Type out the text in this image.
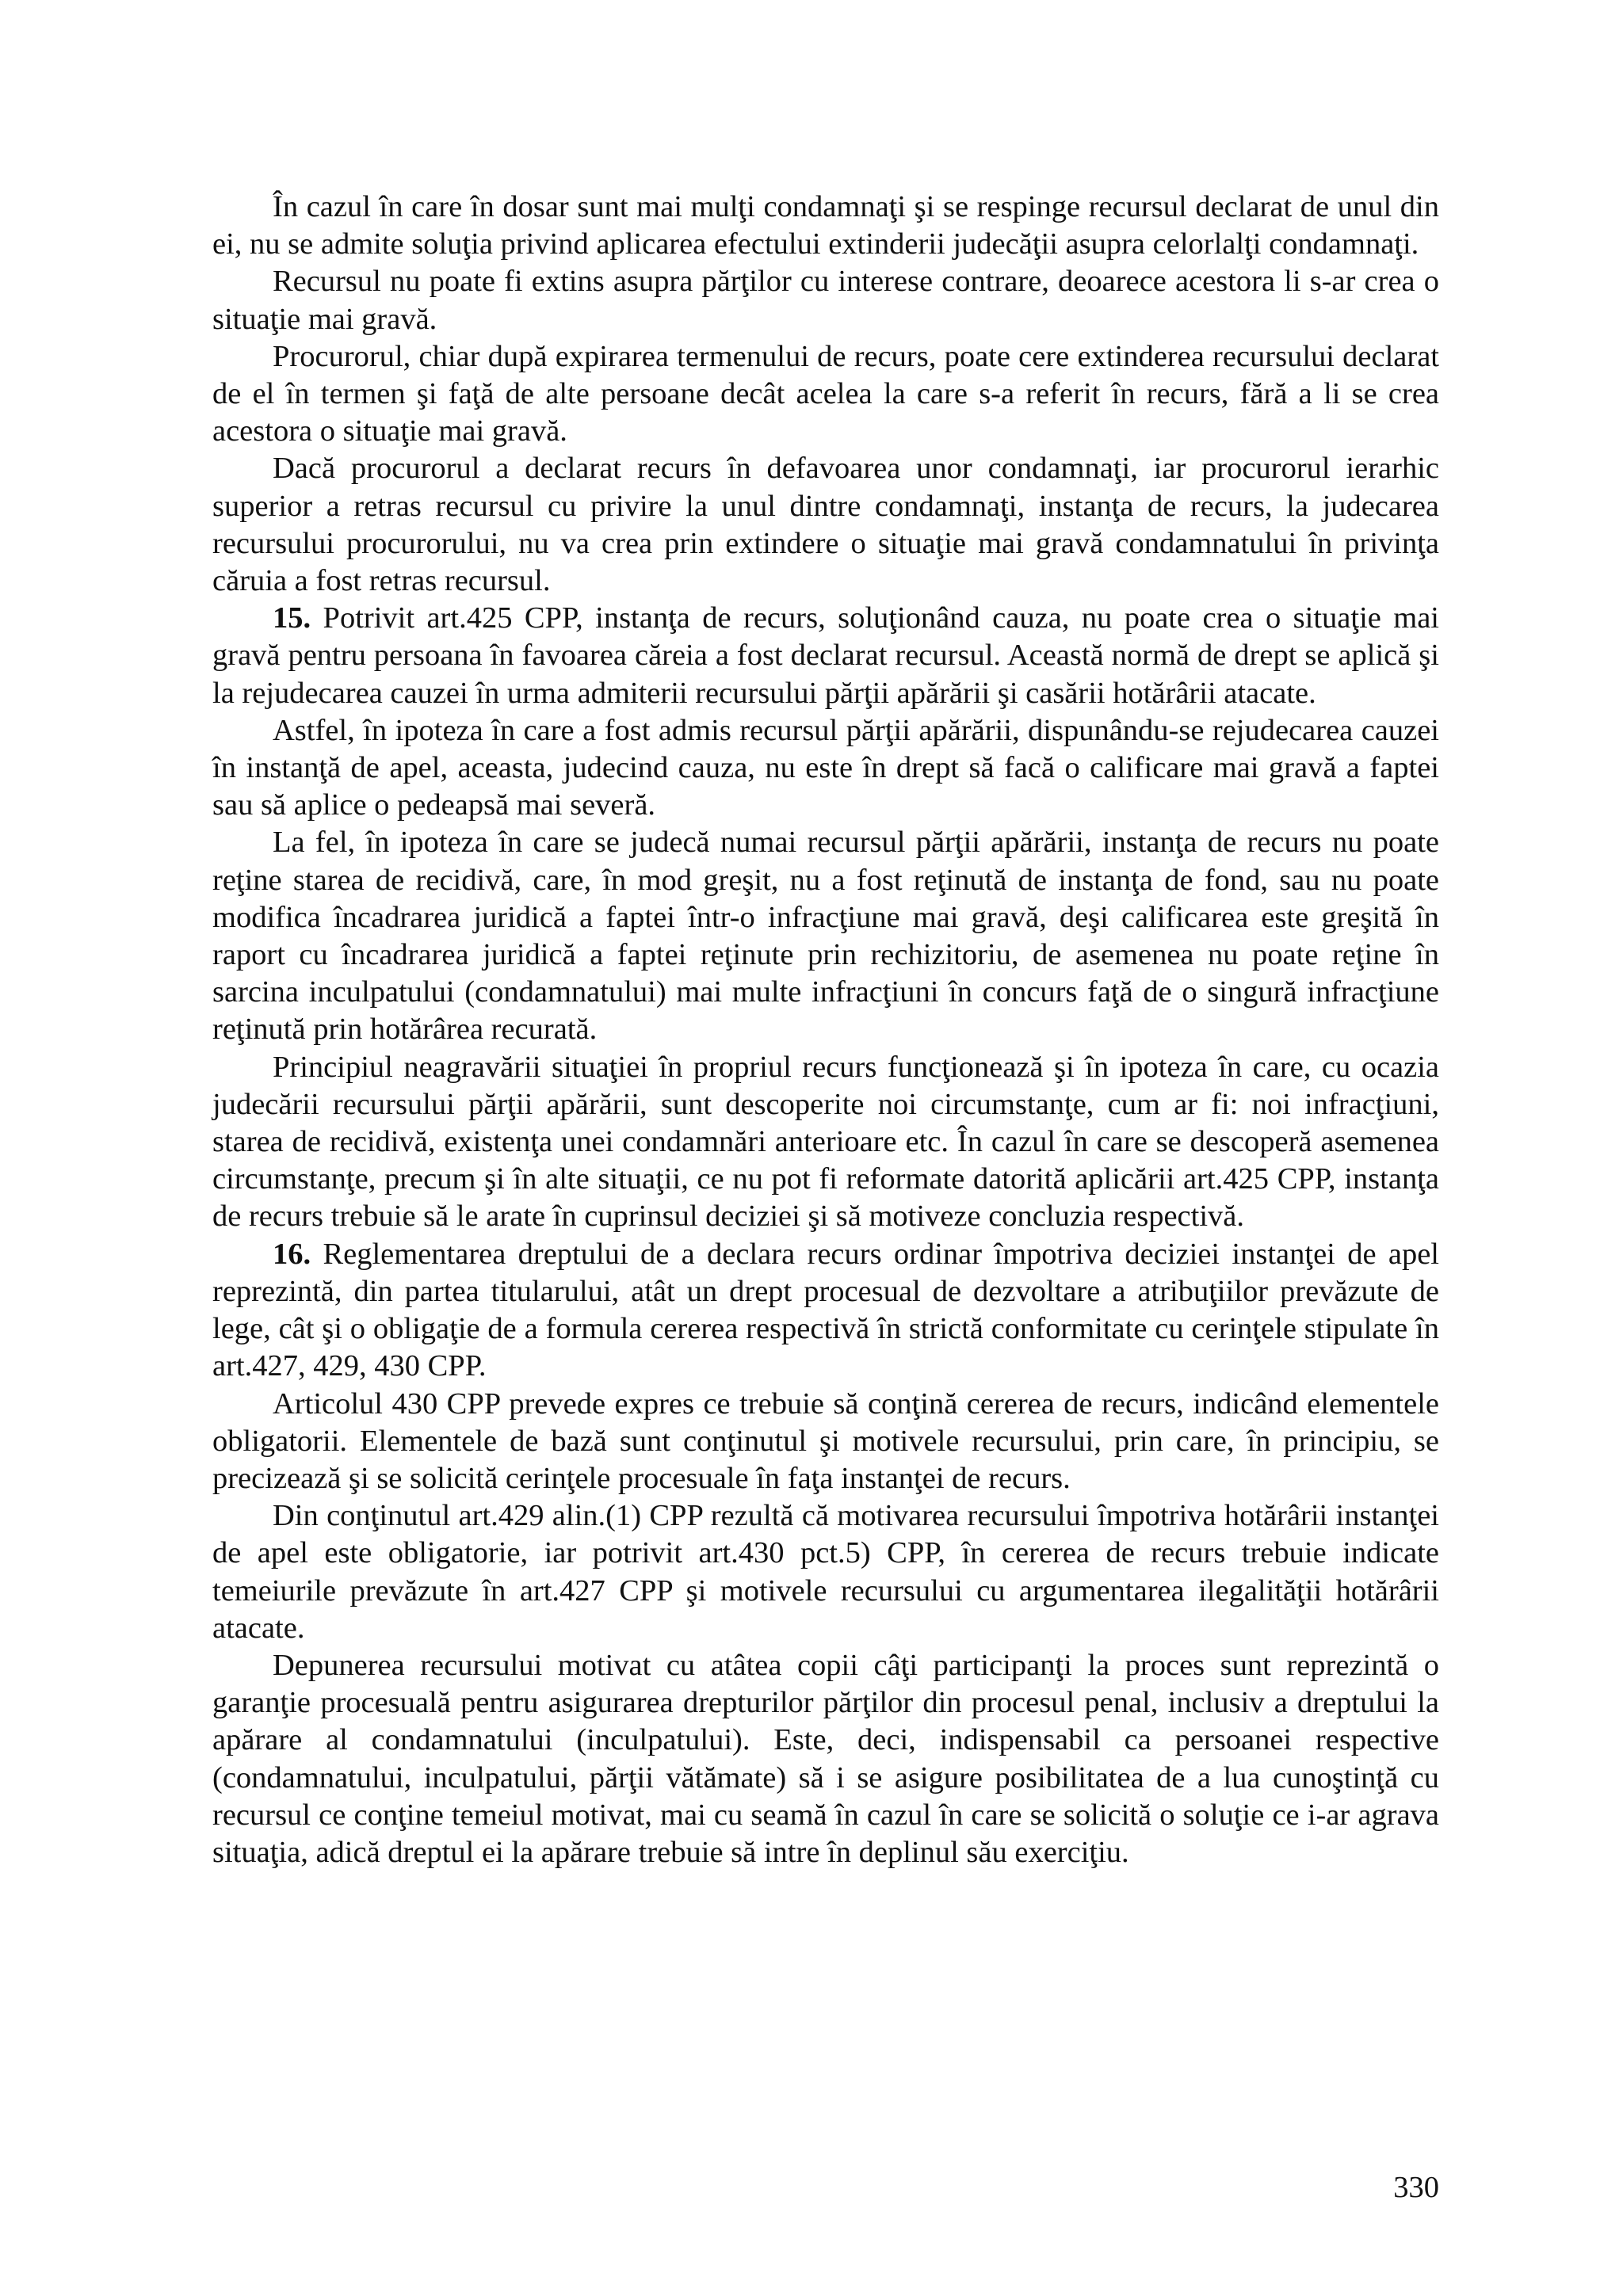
În cazul în care în dosar sunt mai mulţi condamnaţi şi se respinge recursul declarat de unul din ei, nu se admite soluţia privind aplicarea efectului extinderii judecăţii asupra celorlalţi condamnaţi.

Recursul nu poate fi extins asupra părţilor cu interese contrare, deoarece acestora li s-ar crea o situaţie mai gravă.

Procurorul, chiar după expirarea termenului de recurs, poate cere extinderea recursului declarat de el în termen şi faţă de alte persoane decât acelea la care s-a referit în recurs, fără a li se crea acestora o situaţie mai gravă.

Dacă procurorul a declarat recurs în defavoarea unor condamnaţi, iar procurorul ierarhic superior a retras recursul cu privire la unul dintre condamnaţi, instanţa de recurs, la judecarea recursului procurorului, nu va crea prin extindere o situaţie mai gravă condamnatului în privinţa căruia a fost retras recursul.

15. Potrivit art.425 CPP, instanţa de recurs, soluţionând cauza, nu poate crea o situaţie mai gravă pentru persoana în favoarea căreia a fost declarat recursul. Această normă de drept se aplică şi la rejudecarea cauzei în urma admiterii recursului părţii apărării şi casării hotărârii atacate.

Astfel, în ipoteza în care a fost admis recursul părţii apărării, dispunându-se rejudecarea cauzei în instanţă de apel, aceasta, judecind cauza, nu este în drept să facă o calificare mai gravă a faptei sau să aplice o pedeapsă mai severă.

La fel, în ipoteza în care se judecă numai recursul părţii apărării, instanţa de recurs nu poate reţine starea de recidivă, care, în mod greşit, nu a fost reţinută de instanţa de fond, sau nu poate modifica încadrarea juridică a faptei într-o infracţiune mai gravă, deşi calificarea este greşită în raport cu încadrarea juridică a faptei reţinute prin rechizitoriu, de asemenea nu poate reţine în sarcina inculpatului (condamnatului) mai multe infracţiuni în concurs faţă de o singură infracţiune reţinută prin hotărârea recurată.

Principiul neagravării situaţiei în propriul recurs funcţionează şi în ipoteza în care, cu ocazia judecării recursului părţii apărării, sunt descoperite noi circumstanţe, cum ar fi: noi infracţiuni, starea de recidivă, existenţa unei condamnări anterioare etc. În cazul în care se descoperă asemenea circumstanţe, precum şi în alte situaţii, ce nu pot fi reformate datorită aplicării art.425 CPP, instanţa de recurs trebuie să le arate în cuprinsul deciziei şi să motiveze concluzia respectivă.

16. Reglementarea dreptului de a declara recurs ordinar împotriva deciziei instanţei de apel reprezintă, din partea titularului, atât un drept procesual de dezvoltare a atribuţiilor prevăzute de lege, cât şi o obligaţie de a formula cererea respectivă în strictă conformitate cu cerinţele stipulate în art.427, 429, 430 CPP.

Articolul 430 CPP prevede expres ce trebuie să conţină cererea de recurs, indicând elementele obligatorii. Elementele de bază sunt conţinutul şi motivele recursului, prin care, în principiu, se precizează şi se solicită cerinţele procesuale în faţa instanţei de recurs.

Din conţinutul art.429 alin.(1) CPP rezultă că motivarea recursului împotriva hotărârii instanţei de apel este obligatorie, iar potrivit art.430 pct.5) CPP, în cererea de recurs trebuie indicate temeiurile prevăzute în art.427 CPP şi motivele recursului cu argumentarea ilegalităţii hotărârii atacate.

Depunerea recursului motivat cu atâtea copii câţi participanţi la proces sunt reprezintă o garanţie procesuală pentru asigurarea drepturilor părţilor din procesul penal, inclusiv a dreptului la apărare al condamnatului (inculpatului). Este, deci, indispensabil ca persoanei respective (condamnatului, inculpatului, părţii vătămate) să i se asigure posibilitatea de a lua cunoştinţă cu recursul ce conţine temeiul motivat, mai cu seamă în cazul în care se solicită o soluţie ce i-ar agrava situaţia, adică dreptul ei la apărare trebuie să intre în deplinul său exerciţiu.

330
